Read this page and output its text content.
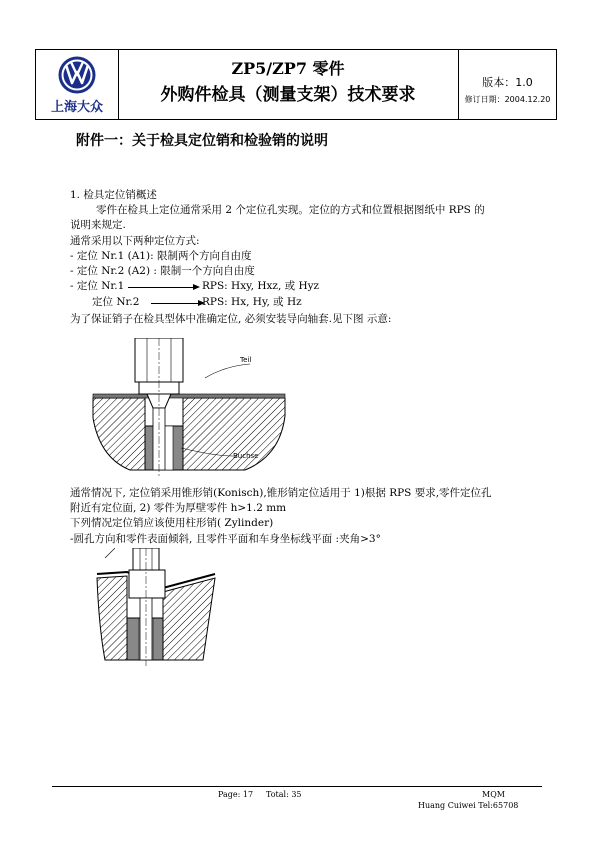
上海大众
ZP5/ZP7 零件
外购件检具（测量支架）技术要求
版本：1.0
修订日期：2004.12.20
附件一：关于检具定位销和检验销的说明
1. 检具定位销概述
零件在检具上定位通常采用 2 个定位孔实现。定位的方式和位置根据图纸中 RPS 的
说明来规定.
通常采用以下两种定位方式:
- 定位 Nr.1 (A1): 限制两个方向自由度
- 定位 Nr.2 (A2) : 限制一个方向自由度
- 定位 Nr.1	RPS: Hxy, Hxz, 或 Hyz
定位 Nr.2	RPS: Hx, Hy, 或 Hz
为了保证销子在检具型体中准确定位, 必须安装导向轴套.见下图 示意:
Teil
Buchse
通常情况下, 定位销采用锥形销(Konisch),锥形销定位适用于 1)根据 RPS 要求,零件定位孔
附近有定位面, 2) 零件为厚壁零件 h>1.2 mm
下列情况定位销应该使用柱形销( Zylinder)
-圆孔方向和零件表面倾斜, 且零件平面和车身坐标线平面 :夹角>3°
Page: 17 Total: 35	MQM
Huang Cuiwei Tel:65708
